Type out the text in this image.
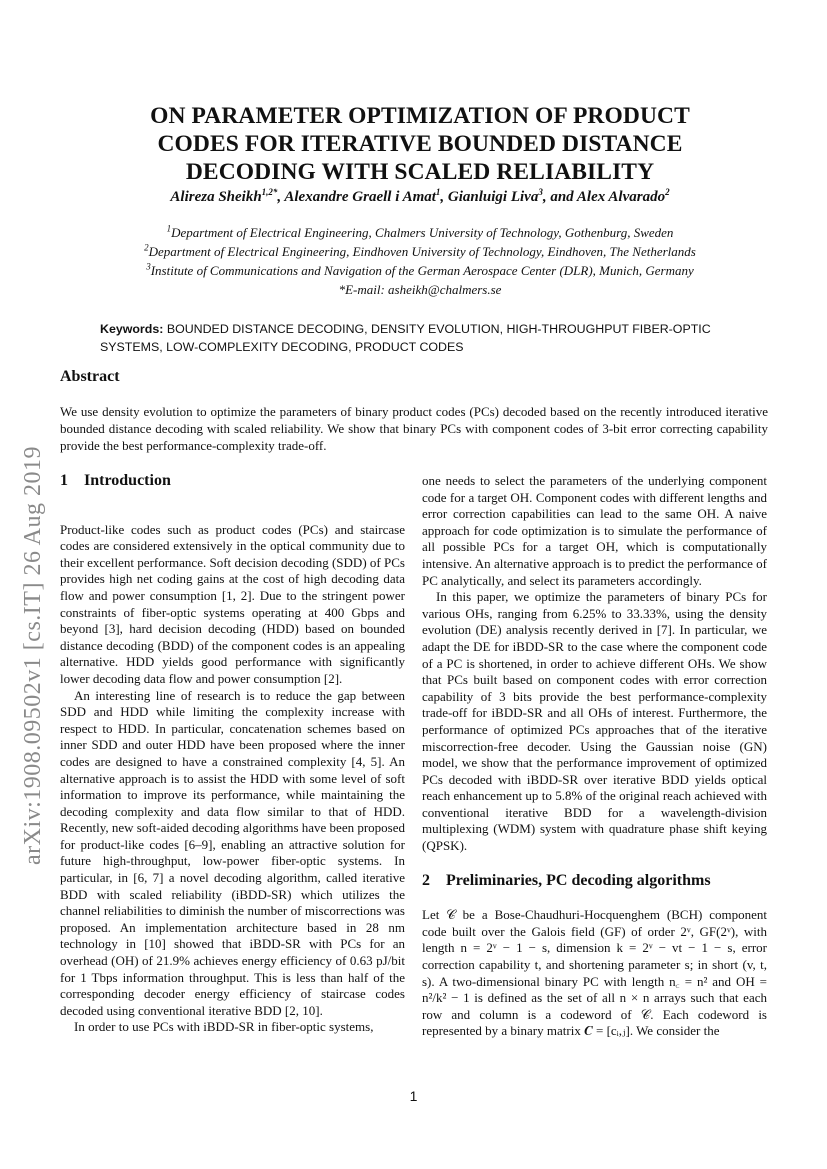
arXiv:1908.09502v1 [cs.IT] 26 Aug 2019
ON PARAMETER OPTIMIZATION OF PRODUCT
CODES FOR ITERATIVE BOUNDED DISTANCE
DECODING WITH SCALED RELIABILITY
Alireza Sheikh$^{1,2*}$, Alexandre Graell i Amat$^1$, Gianluigi Liva$^3$, and Alex Alvarado$^2$
$^1$Department of Electrical Engineering, Chalmers University of Technology, Gothenburg, Sweden
$^2$Department of Electrical Engineering, Eindhoven University of Technology, Eindhoven, The Netherlands
$^3$Institute of Communications and Navigation of the German Aerospace Center (DLR), Munich, Germany
*E-mail: asheikh@chalmers.se
Keywords: BOUNDED DISTANCE DECODING, DENSITY EVOLUTION, HIGH-THROUGHPUT FIBER-OPTIC SYSTEMS, LOW-COMPLEXITY DECODING, PRODUCT CODES
Abstract
We use density evolution to optimize the parameters of binary product codes (PCs) decoded based on the recently introduced iterative bounded distance decoding with scaled reliability. We show that binary PCs with component codes of 3-bit error correcting capability provide the best performance-complexity trade-off.
1 Introduction

Product-like codes such as product codes (PCs) and staircase codes are considered extensively in the optical community due to their excellent performance. Soft decision decoding (SDD) of PCs provides high net coding gains at the cost of high decoding data flow and power consumption [1, 2]. Due to the stringent power constraints of fiber-optic systems operating at 400 Gbps and beyond [3], hard decision decoding (HDD) based on bounded distance decoding (BDD) of the component codes is an appealing alternative. HDD yields good performance with significantly lower decoding data flow and power consumption [2].

An interesting line of research is to reduce the gap between SDD and HDD while limiting the complexity increase with respect to HDD. In particular, concatenation schemes based on inner SDD and outer HDD have been proposed where the inner codes are designed to have a constrained complexity [4, 5]. An alternative approach is to assist the HDD with some level of soft information to improve its performance, while maintaining the decoding complexity and data flow similar to that of HDD. Recently, new soft-aided decoding algorithms have been proposed for product-like codes [6–9], enabling an attractive solution for future high-throughput, low-power fiber-optic systems. In particular, in [6, 7] a novel decoding algorithm, called iterative BDD with scaled reliability (iBDD-SR) which utilizes the channel reliabilities to diminish the number of miscorrections was proposed. An implementation architecture based in 28 nm technology in [10] showed that iBDD-SR with PCs for an overhead (OH) of 21.9% achieves energy efficiency of 0.63 pJ/bit for 1 Tbps information throughput. This is less than half of the corresponding decoder energy efficiency of staircase codes decoded using conventional iterative BDD [2, 10].

In order to use PCs with iBDD-SR in fiber-optic systems,

one needs to select the parameters of the underlying component code for a target OH. Component codes with different lengths and error correction capabilities can lead to the same OH. A naive approach for code optimization is to simulate the performance of all possible PCs for a target OH, which is computationally intensive. An alternative approach is to predict the performance of PC analytically, and select its parameters accordingly.

In this paper, we optimize the parameters of binary PCs for various OHs, ranging from 6.25% to 33.33%, using the density evolution (DE) analysis recently derived in [7]. In particular, we adapt the DE for iBDD-SR to the case where the component code of a PC is shortened, in order to achieve different OHs. We show that PCs built based on component codes with error correction capability of 3 bits provide the best performance-complexity trade-off for iBDD-SR and all OHs of interest. Furthermore, the performance of optimized PCs approaches that of the iterative miscorrection-free decoder. Using the Gaussian noise (GN) model, we show that the performance improvement of optimized PCs decoded with iBDD-SR over iterative BDD yields optical reach enhancement up to 5.8% of the original reach achieved with conventional iterative BDD for a wavelength-division multiplexing (WDM) system with quadrature phase shift keying (QPSK).

2 Preliminaries, PC decoding algorithms

Let 𝒞 be a Bose-Chaudhuri-Hocquenghem (BCH) component code built over the Galois field (GF) of order 2ᵛ, GF(2ᵛ), with length n = 2ᵛ − 1 − s, dimension k = 2ᵛ − vt − 1 − s, error correction capability t, and shortening parameter s; in short (v, t, s). A two-dimensional binary PC with length n꜀ = n² and OH = n²/k² − 1 is defined as the set of all n × n arrays such that each row and column is a codeword of 𝒞. Each codeword is represented by a binary matrix 𝑪 = [cᵢ,ⱼ]. We consider the

1
